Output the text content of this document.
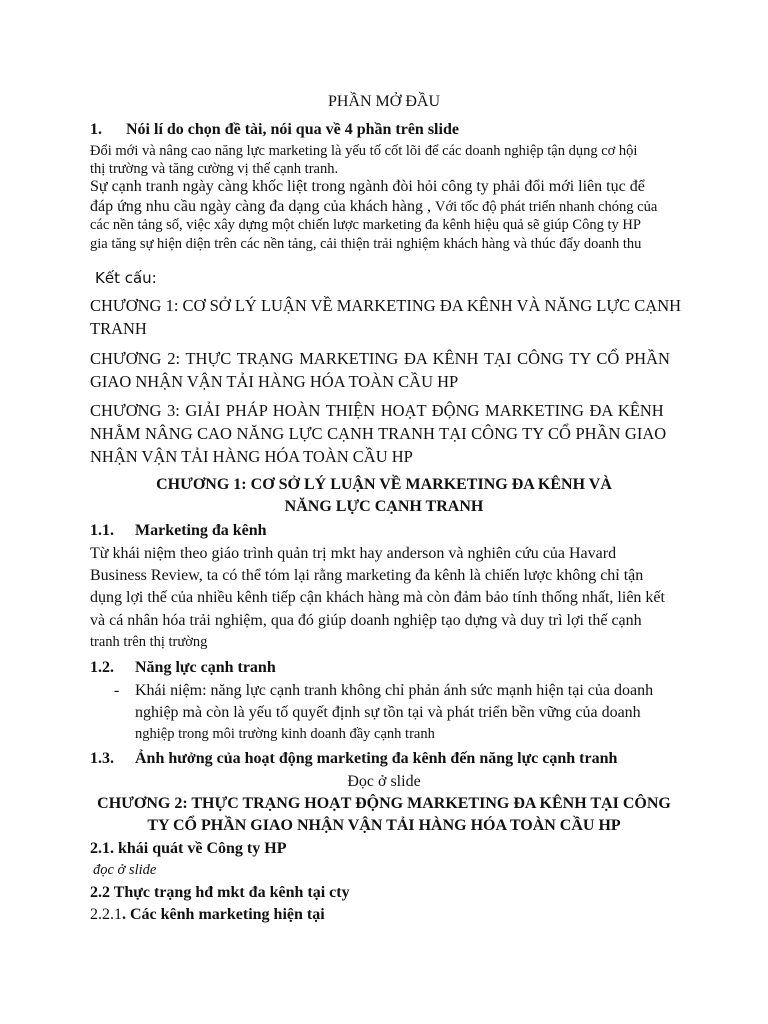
PHẦN MỞ ĐẦU
1. Nói lí do chọn đề tài, nói qua về 4 phần trên slide
Đổi mới và nâng cao năng lực marketing là yếu tố cốt lõi để các doanh nghiệp tận dụng cơ hội
thị trường và tăng cường vị thế cạnh tranh.
Sự cạnh tranh ngày càng khốc liệt trong ngành đòi hỏi công ty phải đổi mới liên tục để
đáp ứng nhu cầu ngày càng đa dạng của khách hàng , Với tốc độ phát triển nhanh chóng của
các nền tảng số, việc xây dựng một chiến lược marketing đa kênh hiệu quả sẽ giúp Công ty HP
gia tăng sự hiện diện trên các nền tảng, cải thiện trải nghiệm khách hàng và thúc đẩy doanh thu
Kết cấu:
CHƯƠNG 1: CƠ SỞ LÝ LUẬN VỀ MARKETING ĐA KÊNH VÀ NĂNG LỰC CẠNH
TRANH
CHƯƠNG 2: THỰC TRẠNG MARKETING ĐA KÊNH TẠI CÔNG TY CỔ PHẦN
GIAO NHẬN VẬN TẢI HÀNG HÓA TOÀN CẦU HP
CHƯƠNG 3: GIẢI PHÁP HOÀN THIỆN HOẠT ĐỘNG MARKETING ĐA KÊNH
NHẰM NÂNG CAO NĂNG LỰC CẠNH TRANH TẠI CÔNG TY CỔ PHẦN GIAO
NHẬN VẬN TẢI HÀNG HÓA TOÀN CẦU HP
CHƯƠNG 1: CƠ SỞ LÝ LUẬN VỀ MARKETING ĐA KÊNH VÀ
NĂNG LỰC CẠNH TRANH
1.1. Marketing đa kênh
Từ khái niệm theo giáo trình quản trị mkt hay anderson và nghiên cứu của Havard
Business Review, ta có thể tóm lại rằng marketing đa kênh là chiến lược không chỉ tận
dụng lợi thế của nhiều kênh tiếp cận khách hàng mà còn đảm bảo tính thống nhất, liên kết
và cá nhân hóa trải nghiệm, qua đó giúp doanh nghiệp tạo dựng và duy trì lợi thế cạnh
tranh trên thị trường
1.2. Năng lực cạnh tranh
- Khái niệm: năng lực cạnh tranh không chỉ phản ánh sức mạnh hiện tại của doanh
nghiệp mà còn là yếu tố quyết định sự tồn tại và phát triển bền vững của doanh
nghiệp trong môi trường kinh doanh đầy cạnh tranh
1.3. Ảnh hưởng của hoạt động marketing đa kênh đến năng lực cạnh tranh
Đọc ở slide
CHƯƠNG 2: THỰC TRẠNG HOẠT ĐỘNG MARKETING ĐA KÊNH TẠI CÔNG
TY CỔ PHẦN GIAO NHẬN VẬN TẢI HÀNG HÓA TOÀN CẦU HP
2.1. khái quát về Công ty HP
đọc ở slide
2.2 Thực trạng hđ mkt đa kênh tại cty
2.2.1. Các kênh marketing hiện tại
